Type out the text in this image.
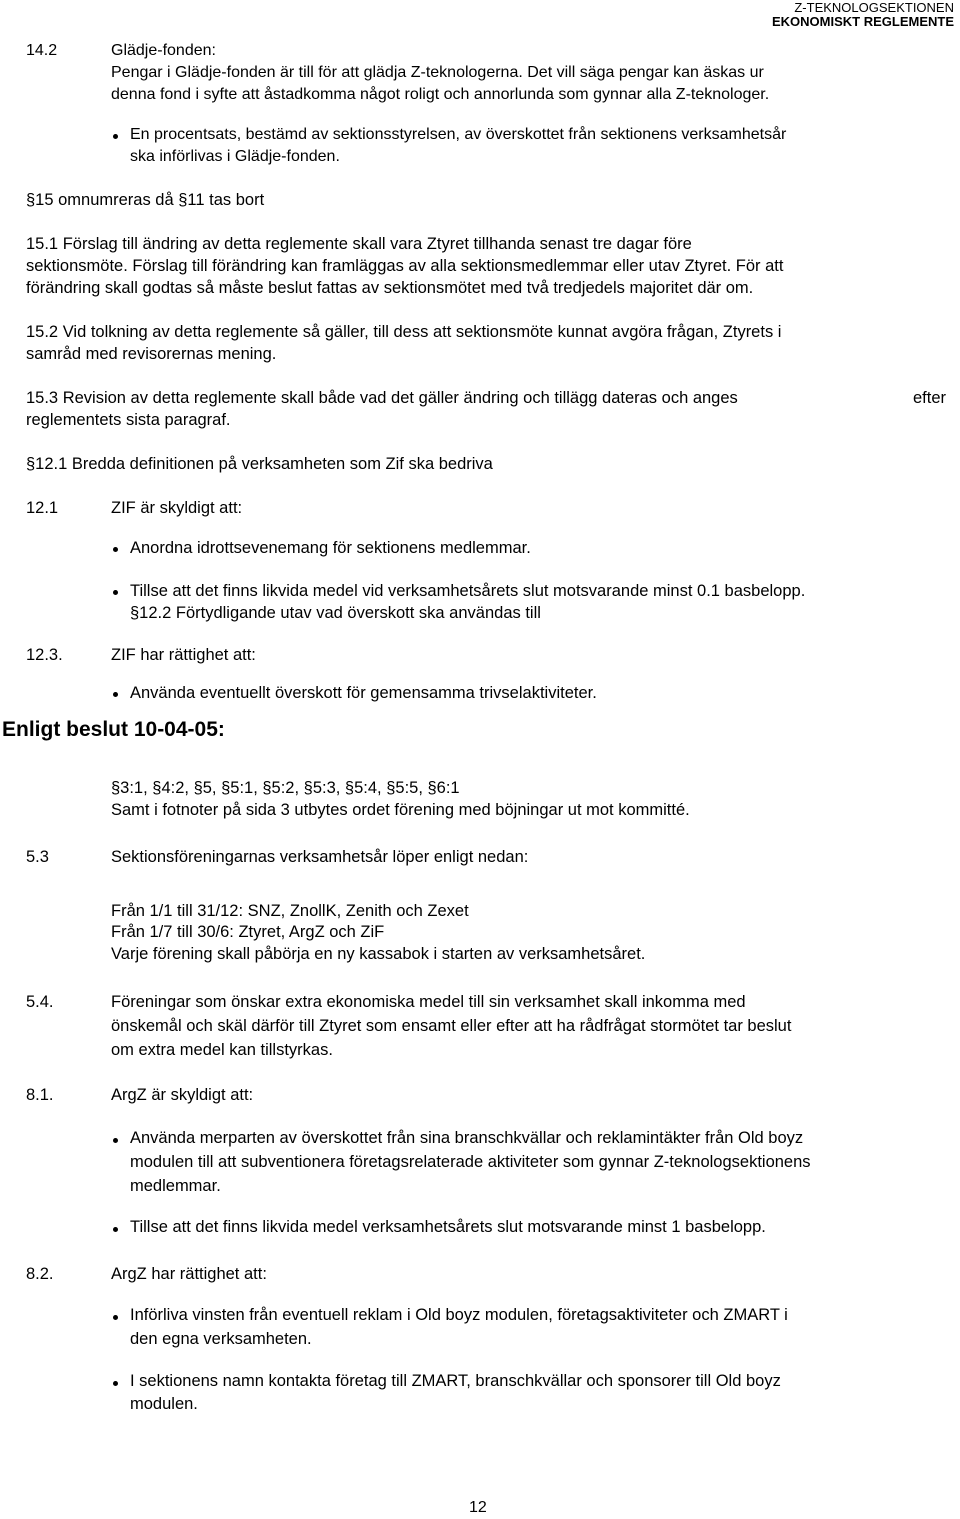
Z-TEKNOLOGSEKTIONEN
EKONOMISKT REGLEMENTE
14.2	Glädje-fonden:
Pengar i Glädje-fonden är till för att glädja Z-teknologerna. Det vill säga pengar kan äskas ur
denna fond i syfte att åstadkomma något roligt och annorlunda som gynnar alla Z-teknologer.
En procentsats, bestämd av sektionsstyrelsen, av överskottet från sektionens verksamhetsår
ska införlivas i Glädje-fonden.
§15 omnumreras då §11 tas bort
15.1 Förslag till ändring av detta reglemente skall vara Ztyret tillhanda senast tre dagar före
sektionsmöte. Förslag till förändring kan framläggas av alla sektionsmedlemmar eller utav Ztyret. För att
förändring skall godtas så måste beslut fattas av sektionsmötet med två tredjedels majoritet där om.
15.2 Vid tolkning av detta reglemente så gäller, till dess att sektionsmöte kunnat avgöra frågan, Ztyrets i
samråd med revisorernas mening.
15.3 Revision av detta reglemente skall både vad det gäller ändring och tillägg dateras och anges	efter
reglementets sista paragraf.
§12.1 Bredda definitionen på verksamheten som Zif ska bedriva
12.1	ZIF är skyldigt att:
Anordna idrottsevenemang för sektionens medlemmar.
Tillse att det finns likvida medel vid verksamhetsårets slut motsvarande minst 0.1 basbelopp.
§12.2 Förtydligande utav vad överskott ska användas till
12.3.	ZIF har rättighet att:
Använda eventuellt överskott för gemensamma trivselaktiviteter.
Enligt beslut 10-04-05:
§3:1, §4:2, §5, §5:1, §5:2, §5:3, §5:4, §5:5, §6:1
Samt i fotnoter på sida 3 utbytes ordet förening med böjningar ut mot kommitté.
5.3	Sektionsföreningarnas verksamhetsår löper enligt nedan:
Från 1/1 till 31/12: SNZ, ZnollK, Zenith och Zexet
Från 1/7 till 30/6: Ztyret, ArgZ och ZiF
Varje förening skall påbörja en ny kassabok i starten av verksamhetsåret.
5.4.	Föreningar som önskar extra ekonomiska medel till sin verksamhet skall inkomma med
önskemål och skäl därför till Ztyret som ensamt eller efter att ha rådfrågat stormötet tar beslut
om extra medel kan tillstyrkas.
8.1.	ArgZ är skyldigt att:
Använda merparten av överskottet från sina branschkvällar och reklamintäkter från Old boyz
modulen till att subventionera företagsrelaterade aktiviteter som gynnar Z-teknologsektionens
medlemmar.
Tillse att det finns likvida medel verksamhetsårets slut motsvarande minst 1 basbelopp.
8.2.	ArgZ har rättighet att:
Införliva vinsten från eventuell reklam i Old boyz modulen, företagsaktiviteter och ZMART i
den egna verksamheten.
I sektionens namn kontakta företag till ZMART, branschkvällar och sponsorer till Old boyz
modulen.
12
